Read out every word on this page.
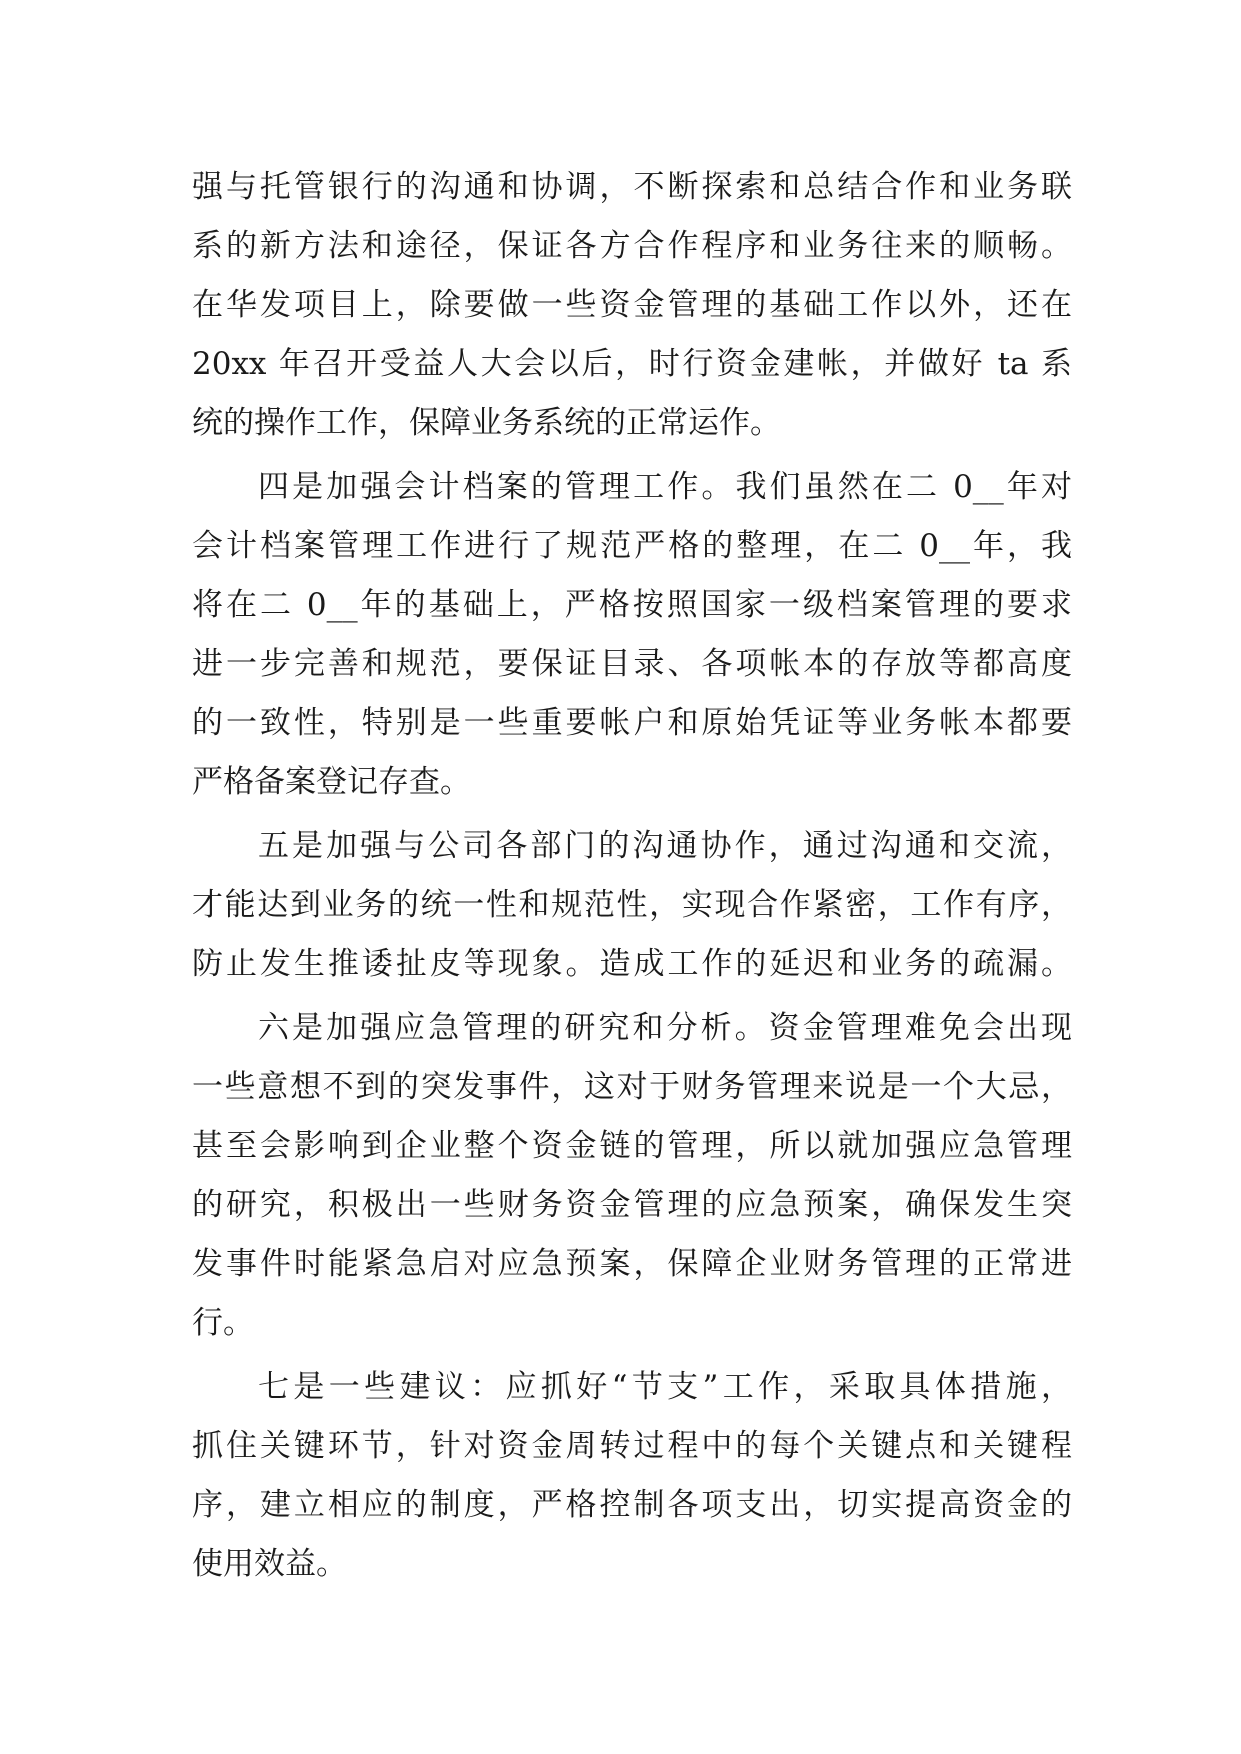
强与托管银行的沟通和协调，不断探索和总结合作和业务联
系的新方法和途径，保证各方合作程序和业务往来的顺畅。
在华发项目上，除要做一些资金管理的基础工作以外，还在
20xx 年召开受益人大会以后，时行资金建帐，并做好 ta 系
统的操作工作，保障业务系统的正常运作。
四是加强会计档案的管理工作。我们虽然在二 0__年对
会计档案管理工作进行了规范严格的整理，在二 0__年，我
将在二 0__年的基础上，严格按照国家一级档案管理的要求
进一步完善和规范，要保证目录、各项帐本的存放等都高度
的一致性，特别是一些重要帐户和原始凭证等业务帐本都要
严格备案登记存查。
五是加强与公司各部门的沟通协作，通过沟通和交流，
才能达到业务的统一性和规范性，实现合作紧密，工作有序，
防止发生推诿扯皮等现象。造成工作的延迟和业务的疏漏。
六是加强应急管理的研究和分析。资金管理难免会出现
一些意想不到的突发事件，这对于财务管理来说是一个大忌，
甚至会影响到企业整个资金链的管理，所以就加强应急管理
的研究，积极出一些财务资金管理的应急预案，确保发生突
发事件时能紧急启对应急预案，保障企业财务管理的正常进
行。
七是一些建议：应抓好“节支”工作，采取具体措施，
抓住关键环节，针对资金周转过程中的每个关键点和关键程
序，建立相应的制度，严格控制各项支出，切实提高资金的
使用效益。
